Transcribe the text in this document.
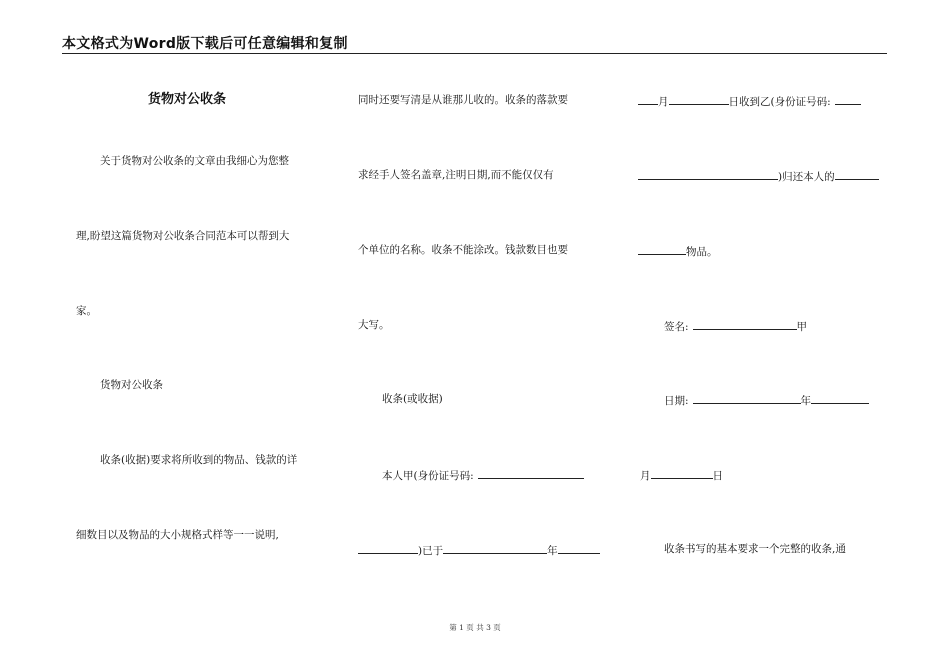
本文格式为Word版下载后可任意编辑和复制
货物对公收条
关于货物对公收条的文章由我细心为您整
理,盼望这篇货物对公收条合同范本可以帮到大
家。
货物对公收条
收条(收据)要求将所收到的物品、钱款的详
细数目以及物品的大小规格式样等一一说明,
同时还要写清是从谁那儿收的。收条的落款要
求经手人签名盖章,注明日期,而不能仅仅有
个单位的名称。收条不能涂改。钱款数目也要
大写。
收条(或收据)
本人甲(身份证号码:
)已于	年
月	日收到乙(身份证号码:
)归还本人的
物品。
签名:	甲
日期:	年
月	日
收条书写的基本要求一个完整的收条,通
第 1 页 共 3 页
